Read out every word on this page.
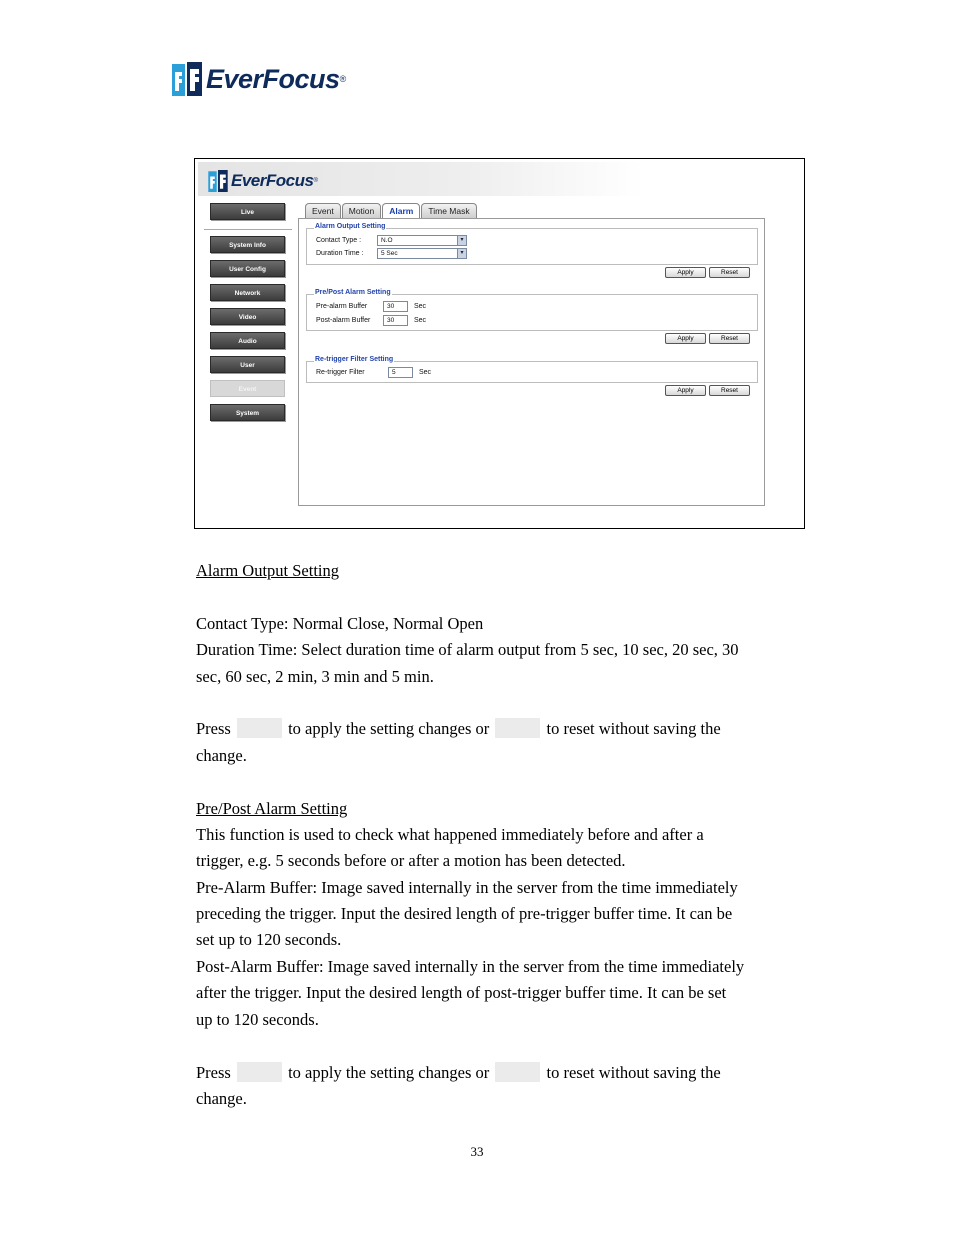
EverFocus ®
EverFocus ®
Live
System Info
User Config
Network
Video
Audio
User
Event
System
Event	Motion	Alarm	Time Mask
Alarm Output Setting
Contact Type :	N.O	▾
Duration Time :	5 Sec	▾
Apply	Reset
Pre/Post Alarm Setting
Pre-alarm Buffer	30	Sec
Post-alarm Buffer	30	Sec
Apply	Reset
Re-trigger Filter Setting
Re-trigger Filter	5	Sec
Apply	Reset
Alarm Output Setting
Contact Type: Normal Close, Normal Open
Duration Time: Select duration time of alarm output from 5 sec, 10 sec, 20 sec, 30
sec, 60 sec, 2 min, 3 min and 5 min.
Press	to apply the setting changes or	to reset without saving the
change.
Pre/Post Alarm Setting
This function is used to check what happened immediately before and after a
trigger, e.g. 5 seconds before or after a motion has been detected.
Pre-Alarm Buffer: Image saved internally in the server from the time immediately
preceding the trigger. Input the desired length of pre-trigger buffer time. It can be
set up to 120 seconds.
Post-Alarm Buffer: Image saved internally in the server from the time immediately
after the trigger. Input the desired length of post-trigger buffer time. It can be set
up to 120 seconds.
Press	to apply the setting changes or	to reset without saving the
change.
33
